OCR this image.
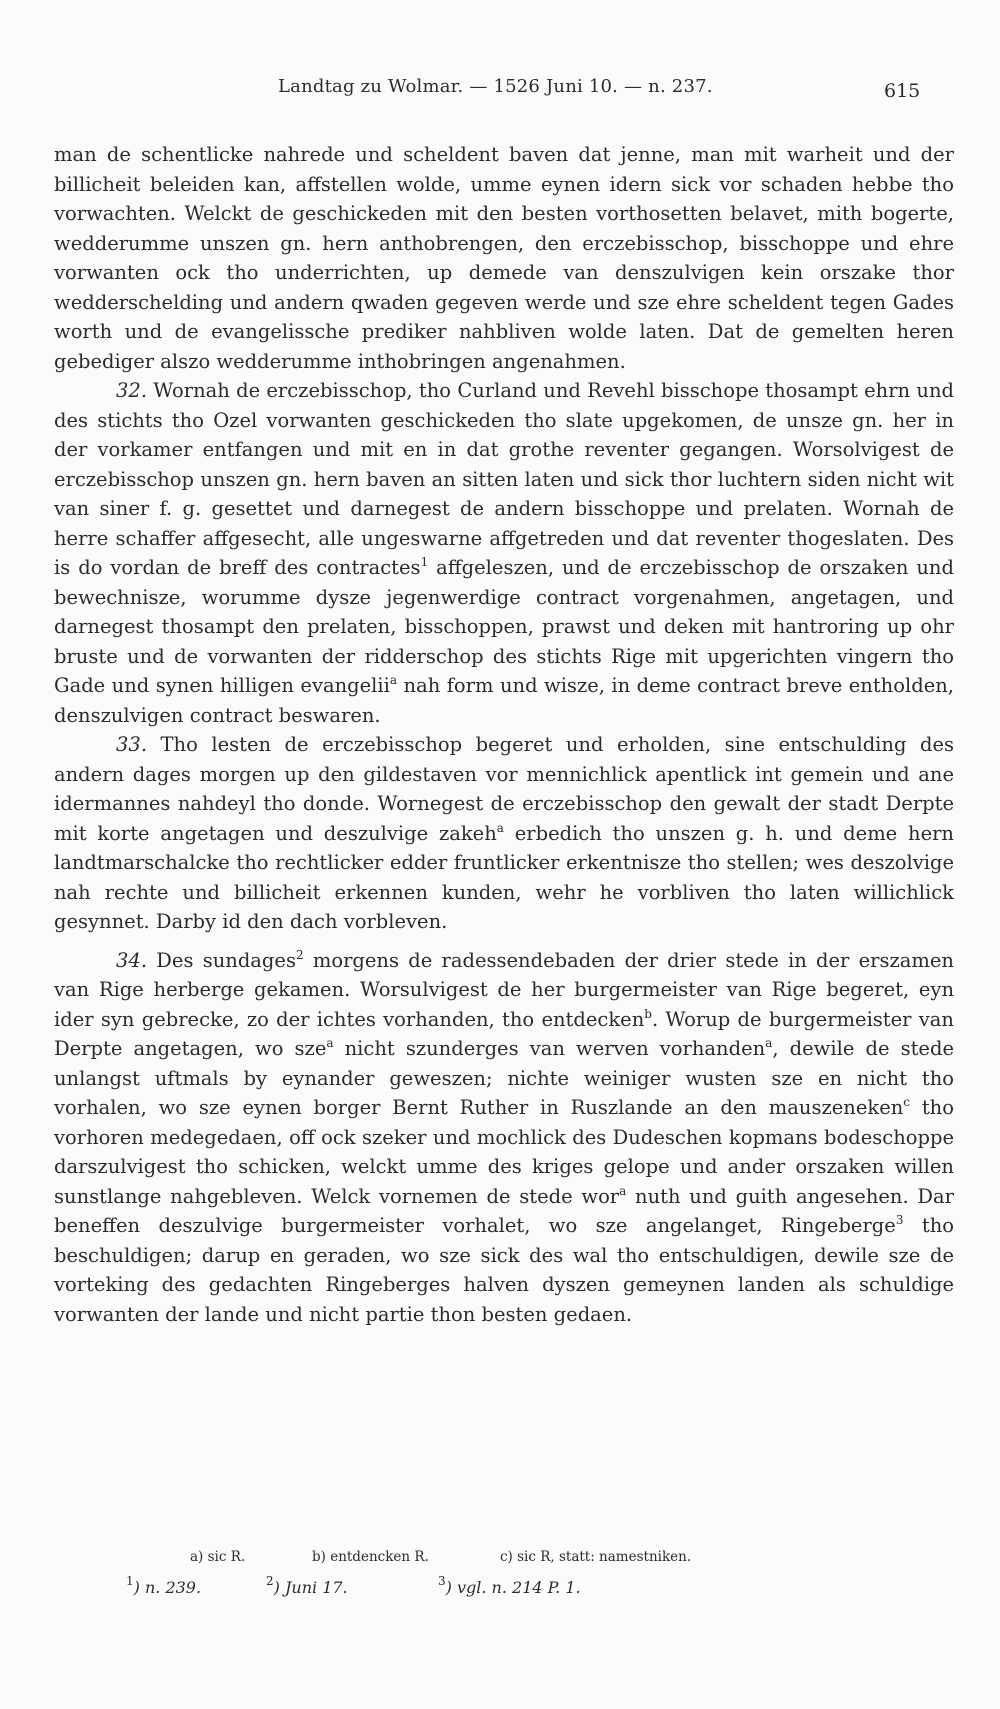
Landtag zu Wolmar. — 1526 Juni 10. — n. 237.	615

man de schentlicke nahrede und scheldent baven dat jenne, man mit warheit und der billicheit beleiden kan, affstellen wolde, umme eynen idern sick vor schaden hebbe tho vorwachten. Welckt de geschickeden mit den besten vorthosetten belavet, mith bogerte, wedderumme unszen gn. hern anthobrengen, den erczebisschop, bisschoppe und ehre vorwanten ock tho underrichten, up demede van denszulvigen kein orszake thor wedderschelding und andern qwaden gegeven werde und sze ehre scheldent tegen Gades worth und de evangelissche prediker nahbliven wolde laten. Dat de gemelten heren gebediger alszo wedderumme inthobringen angenahmen.

32. Wornah de erczebisschop, tho Curland und Revehl bisschope thosampt ehrn und des stichts tho Ozel vorwanten geschickeden tho slate upgekomen, de unsze gn. her in der vorkamer entfangen und mit en in dat grothe reventer gegangen. Worsolvigest de erczebisschop unszen gn. hern baven an sitten laten und sick thor luchtern siden nicht wit van siner f. g. gesettet und darnegest de andern bisschoppe und prelaten. Wornah de herre schaffer affgesecht, alle ungeswarne affgetreden und dat reventer thogeslaten. Des is do vordan de breff des contractes$^1$ affgeleszen, und de erczebisschop de orszaken und bewechnisze, worumme dysze jegenwerdige contract vorgenahmen, angetagen, und darnegest thosampt den prelaten, bisschoppen, prawst und deken mit hantroring up ohr bruste und de vorwanten der ridderschop des stichts Rige mit upgerichten vingern tho Gade und synen hilligen evangelii$^a$ nah form und wisze, in deme contract breve entholden, denszulvigen contract beswaren.

33. Tho lesten de erczebisschop begeret und erholden, sine entschulding des andern dages morgen up den gildestaven vor mennichlick apentlick int gemein und ane idermannes nahdeyl tho donde. Wornegest de erczebisschop den gewalt der stadt Derpte mit korte angetagen und deszulvige zakeh$^a$ erbedich tho unszen g. h. und deme hern landtmarschalcke tho rechtlicker edder fruntlicker erkentnisze tho stellen; wes deszolvige nah rechte und billicheit erkennen kunden, wehr he vorbliven tho laten willichlick gesynnet. Darby id den dach vorbleven.

34. Des sundages$^2$ morgens de radessendebaden der drier stede in der erszamen van Rige herberge gekamen. Worsulvigest de her burgermeister van Rige begeret, eyn ider syn gebrecke, zo der ichtes vorhanden, tho entdecken$^b$. Worup de burgermeister van Derpte angetagen, wo sze$^a$ nicht szunderges van werven vorhanden$^a$, dewile de stede unlangst uftmals by eynander geweszen; nichte weiniger wusten sze en nicht tho vorhalen, wo sze eynen borger Bernt Ruther in Ruszlande an den mauszeneken$^c$ tho vorhoren medegedaen, off ock szeker und mochlick des Dudeschen kopmans bodeschoppe darszulvigest tho schicken, welckt umme des kriges gelope und ander orszaken willen sunstlange nahgebleven. Welck vornemen de stede wor$^a$ nuth und guith angesehen. Dar beneffen deszulvige burgermeister vorhalet, wo sze angelanget, Ringeberge$^3$ tho beschuldigen; darup en geraden, wo sze sick des wal tho entschuldigen, dewile sze de vorteking des gedachten Ringeberges halven dyszen gemeynen landen als schuldige vorwanten der lande und nicht partie thon besten gedaen.

a) sic R.	b) entdencken R.	c) sic R, statt: namestniken.
$^1$) n. 239.	$^2$) Juni 17.	$^3$) vgl. n. 214 P. 1.
